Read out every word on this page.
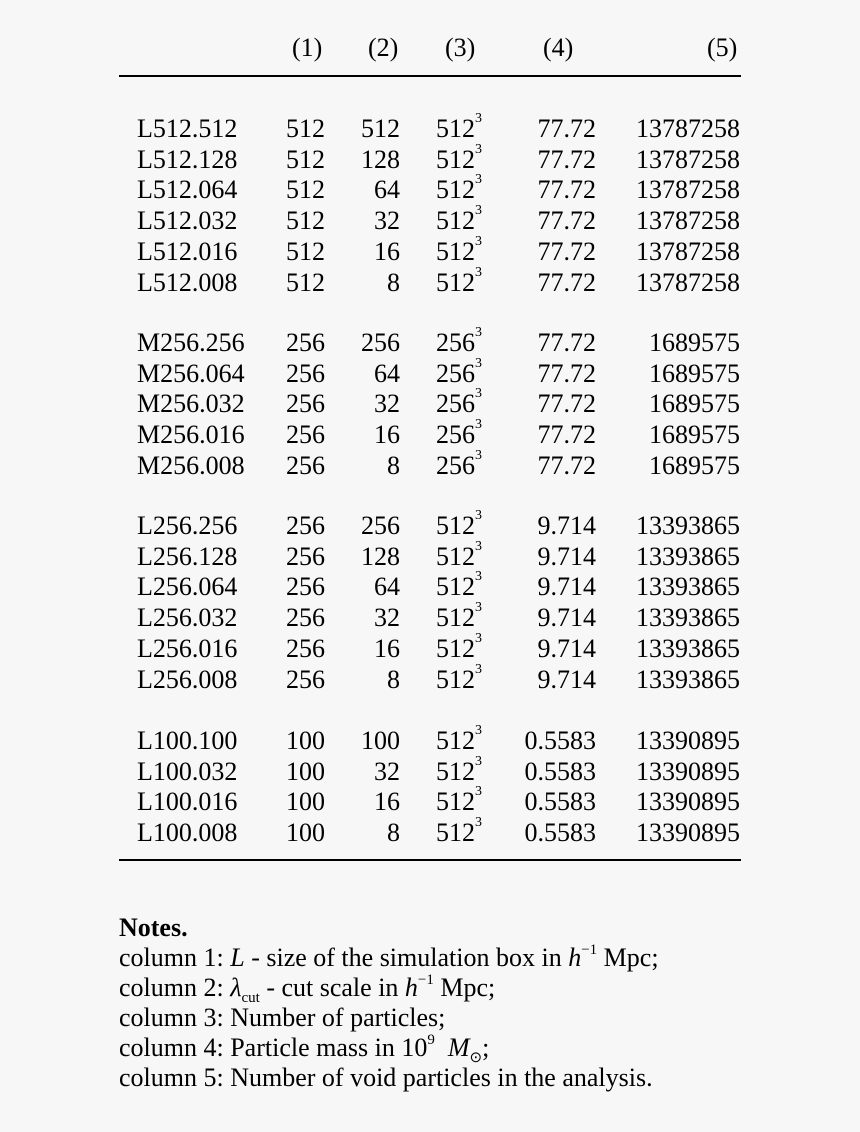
(1) (2) (3)	(4)	(5)
L512.512 512 512 $512^3$ 77.72 13787258
L512.128 512 128 $512^3$ 77.72 13787258
L512.064 512 64 $512^3$ 77.72 13787258
L512.032 512 32 $512^3$ 77.72 13787258
L512.016 512 16 $512^3$ 77.72 13787258
L512.008 512 8 $512^3$ 77.72 13787258
M256.256 256 256 $256^3$ 77.72 1689575
M256.064 256 64 $256^3$ 77.72 1689575
M256.032 256 32 $256^3$ 77.72 1689575
M256.016 256 16 $256^3$ 77.72 1689575
M256.008 256 8 $256^3$ 77.72 1689575
L256.256 256 256 $512^3$ 9.714 13393865
L256.128 256 128 $512^3$ 9.714 13393865
L256.064 256 64 $512^3$ 9.714 13393865
L256.032 256 32 $512^3$ 9.714 13393865
L256.016 256 16 $512^3$ 9.714 13393865
L256.008 256 8 $512^3$ 9.714 13393865
L100.100 100 100 $512^3$ 0.5583 13390895
L100.032 100 32 $512^3$ 0.5583 13390895
L100.016 100 16 $512^3$ 0.5583 13390895
L100.008 100 8 $512^3$ 0.5583 13390895
Notes.
column 1: L - size of the simulation box in $h^{-1}$ Mpc;
column 2: $\lambda_{cut}$ - cut scale in $h^{-1}$ Mpc;
column 3: Number of particles;
column 4: Particle mass in $10^9$ $M_⊙$;
column 5: Number of void particles in the analysis.
